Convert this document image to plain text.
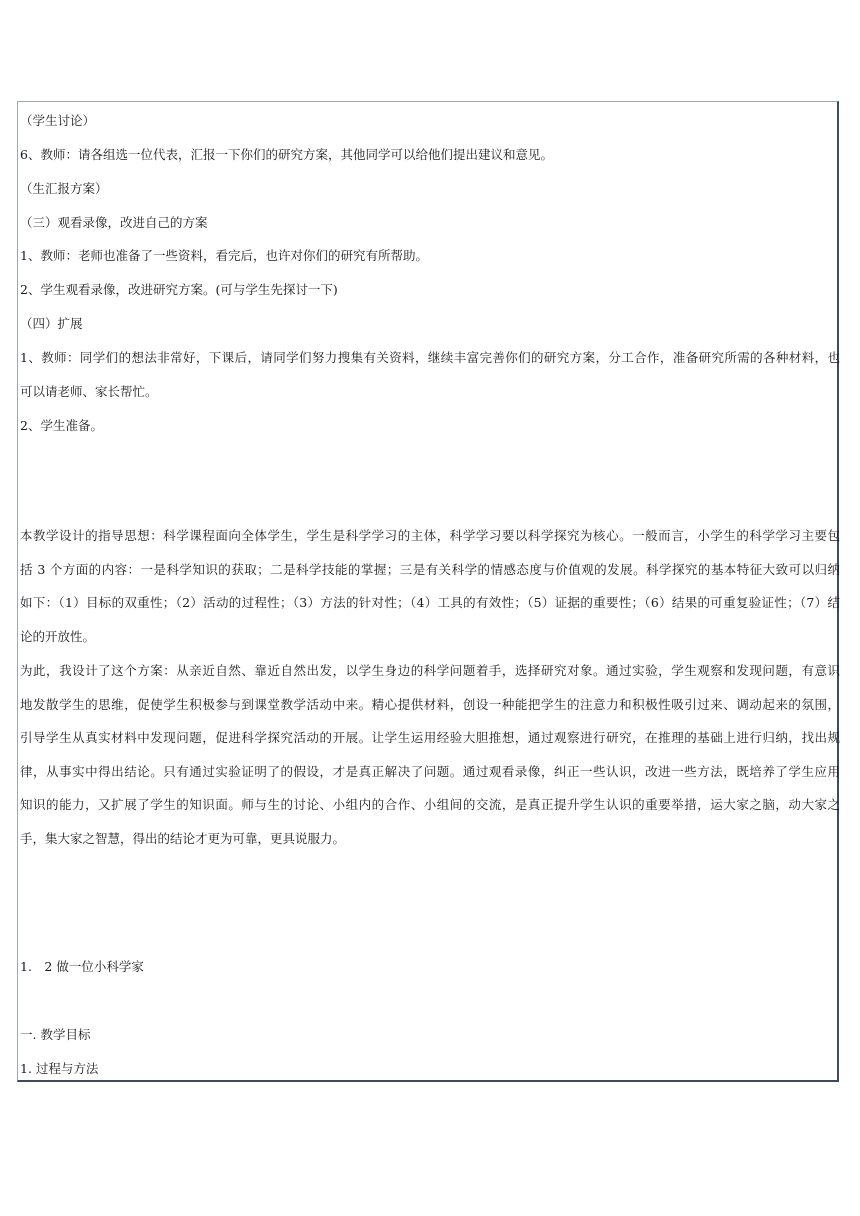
（学生讨论）
6、教师：请各组选一位代表，汇报一下你们的研究方案，其他同学可以给他们提出建议和意见。
（生汇报方案）
（三）观看录像，改进自己的方案
1、教师：老师也准备了一些资料，看完后，也许对你们的研究有所帮助。
2、学生观看录像，改进研究方案。(可与学生先探讨一下)
（四）扩展
1、教师：同学们的想法非常好，下课后，请同学们努力搜集有关资料，继续丰富完善你们的研究方案，分工合作，准备研究所需的各种材料，也
可以请老师、家长帮忙。
2、学生准备。
本教学设计的指导思想：科学课程面向全体学生，学生是科学学习的主体，科学学习要以科学探究为核心。一般而言，小学生的科学学习主要包
括 3 个方面的内容：一是科学知识的获取；二是科学技能的掌握；三是有关科学的情感态度与价值观的发展。科学探究的基本特征大致可以归纳
如下：（1）目标的双重性；（2）活动的过程性；（3）方法的针对性；（4）工具的有效性；（5）证据的重要性；（6）结果的可重复验证性；（7）结
论的开放性。
为此，我设计了这个方案：从亲近自然、靠近自然出发，以学生身边的科学问题着手，选择研究对象。通过实验，学生观察和发现问题，有意识
地发散学生的思维，促使学生积极参与到课堂教学活动中来。精心提供材料，创设一种能把学生的注意力和积极性吸引过来、调动起来的氛围，
引导学生从真实材料中发现问题，促进科学探究活动的开展。让学生运用经验大胆推想，通过观察进行研究，在推理的基础上进行归纳，找出规
律，从事实中得出结论。只有通过实验证明了的假设，才是真正解决了问题。通过观看录像，纠正一些认识，改进一些方法，既培养了学生应用
知识的能力，又扩展了学生的知识面。师与生的讨论、小组内的合作、小组间的交流，是真正提升学生认识的重要举措，运大家之脑，动大家之
手，集大家之智慧，得出的结论才更为可靠，更具说服力。
1.　2 做一位小科学家
一. 教学目标
1. 过程与方法
